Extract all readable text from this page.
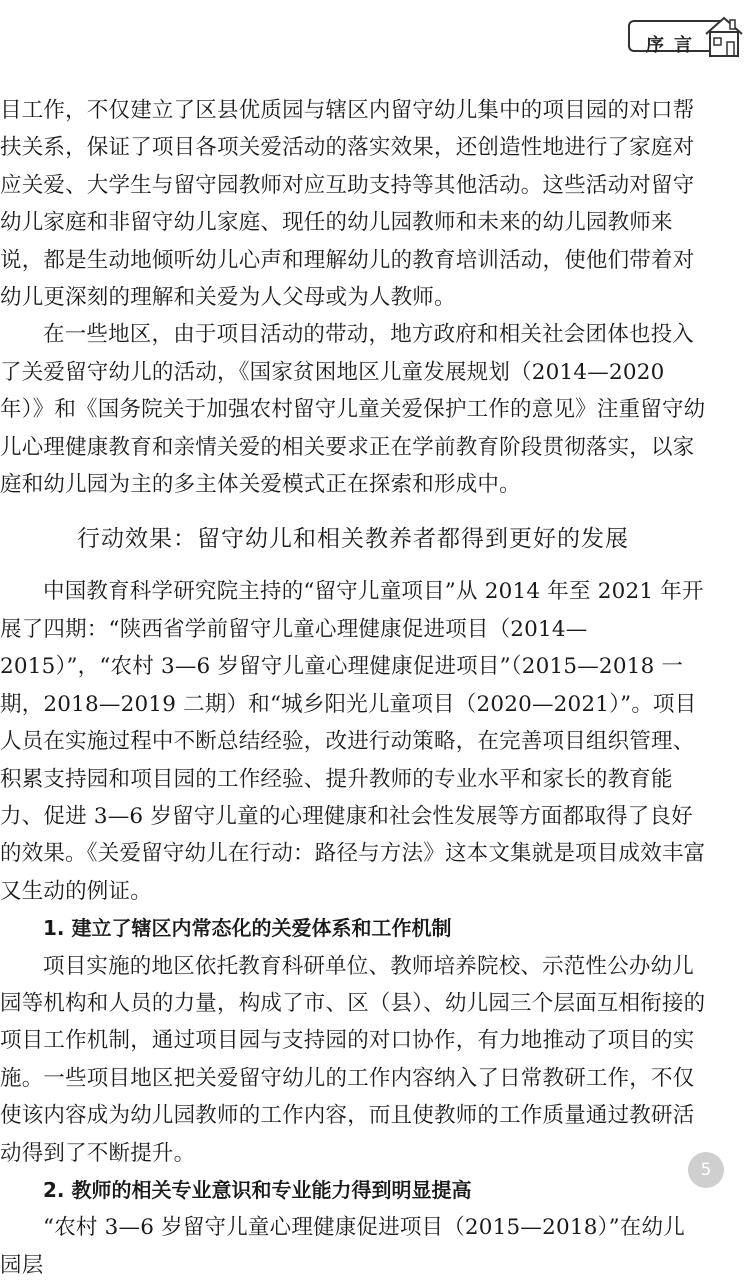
序言

目工作，不仅建立了区县优质园与辖区内留守幼儿集中的项目园的对口帮扶关系，保证了项目各项关爱活动的落实效果，还创造性地进行了家庭对应关爱、大学生与留守园教师对应互助支持等其他活动。这些活动对留守幼儿家庭和非留守幼儿家庭、现任的幼儿园教师和未来的幼儿园教师来说，都是生动地倾听幼儿心声和理解幼儿的教育培训活动，使他们带着对幼儿更深刻的理解和关爱为人父母或为人教师。

在一些地区，由于项目活动的带动，地方政府和相关社会团体也投入了关爱留守幼儿的活动，《国家贫困地区儿童发展规划（2014—2020 年）》和《国务院关于加强农村留守儿童关爱保护工作的意见》注重留守幼儿心理健康教育和亲情关爱的相关要求正在学前教育阶段贯彻落实，以家庭和幼儿园为主的多主体关爱模式正在探索和形成中。

行动效果：留守幼儿和相关教养者都得到更好的发展

中国教育科学研究院主持的“留守儿童项目”从 2014 年至 2021 年开展了四期：“陕西省学前留守儿童心理健康促进项目（2014—2015）”，“农村 3—6 岁留守儿童心理健康促进项目”（2015—2018 一期，2018—2019 二期）和“城乡阳光儿童项目（2020—2021）”。项目人员在实施过程中不断总结经验，改进行动策略，在完善项目组织管理、积累支持园和项目园的工作经验、提升教师的专业水平和家长的教育能力、促进 3—6 岁留守儿童的心理健康和社会性发展等方面都取得了良好的效果。《关爱留守幼儿在行动：路径与方法》这本文集就是项目成效丰富又生动的例证。

1. 建立了辖区内常态化的关爱体系和工作机制

项目实施的地区依托教育科研单位、教师培养院校、示范性公办幼儿园等机构和人员的力量，构成了市、区（县）、幼儿园三个层面互相衔接的项目工作机制，通过项目园与支持园的对口协作，有力地推动了项目的实施。一些项目地区把关爱留守幼儿的工作内容纳入了日常教研工作，不仅使该内容成为幼儿园教师的工作内容，而且使教师的工作质量通过教研活动得到了不断提升。

2. 教师的相关专业意识和专业能力得到明显提高

“农村 3—6 岁留守儿童心理健康促进项目（2015—2018）”在幼儿园层

5
